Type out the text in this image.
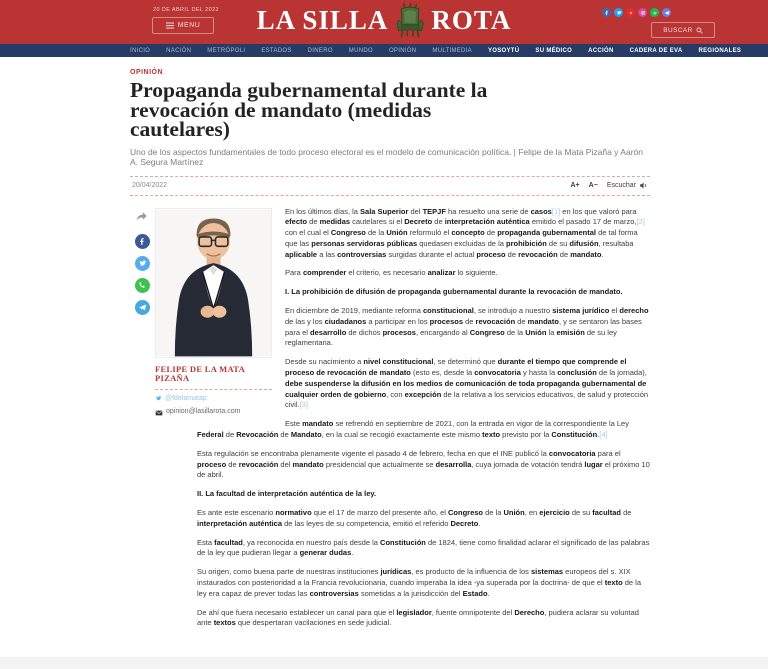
20 DE ABRIL DEL 2022
MENU LA SILLA ROTA	BUSCAR
INICIO	NACIÓN	METRÓPOLI	ESTADOS	DINERO	MUNDO	OPINIÓN	MULTIMEDIA	YOSOYTÚ	SU MÉDICO	ACCIÓN	CADERA DE EVA	REGIONALES
OPINIÓN
Propaganda gubernamental durante la revocación de mandato (medidas cautelares)

Uno de los aspectos fundamentales de todo proceso electoral es el modelo de comunicación política. | Felipe de la Mata Pizaña y Aarón A. Segura Martínez

20/04/2022	A+ A− Escuchar
FELIPE DE LA MATA PIZAÑA
@fdelamatap
opinion@lasillarota.com

En los últimos días, la Sala Superior del TEPJF ha resuelto una serie de casos[1] en los que valoró para efecto de medidas cautelares si el Decreto de interpretación auténtica emitido el pasado 17 de marzo,[2] con el cual el Congreso de la Unión reformuló el concepto de propaganda gubernamental de tal forma que las personas servidoras públicas quedasen excluidas de la prohibición de su difusión, resultaba aplicable a las controversias surgidas durante el actual proceso de revocación de mandato.

Para comprender el criterio, es necesario analizar lo siguiente.

I. La prohibición de difusión de propaganda gubernamental durante la revocación de mandato.

En diciembre de 2019, mediante reforma constitucional, se introdujo a nuestro sistema jurídico el derecho de las y los ciudadanos a participar en los procesos de revocación de mandato, y se sentaron las bases para el desarrollo de dichos procesos, encargando al Congreso de la Unión la emisión de su ley reglamentaria.

Desde su nacimiento a nivel constitucional, se determinó que durante el tiempo que comprende el proceso de revocación de mandato (esto es, desde la convocatoria y hasta la conclusión de la jornada), debe suspenderse la difusión en los medios de comunicación de toda propaganda gubernamental de cualquier orden de gobierno, con excepción de la relativa a los servicios educativos, de salud y protección civil.[3]

Este mandato se refrendó en septiembre de 2021, con la entrada en vigor de la correspondiente la Ley Federal de Revocación de Mandato, en la cual se recogió exactamente este mismo texto previsto por la Constitución.[4]

Esta regulación se encontraba plenamente vigente el pasado 4 de febrero, fecha en que el INE publicó la convocatoria para el proceso de revocación del mandato presidencial que actualmente se desarrolla, cuya jornada de votación tendrá lugar el próximo 10 de abril.

II. La facultad de interpretación auténtica de la ley.

Es ante este escenario normativo que el 17 de marzo del presente año, el Congreso de la Unión, en ejercicio de su facultad de interpretación auténtica de las leyes de su competencia, emitió el referido Decreto.

Esta facultad, ya reconocida en nuestro país desde la Constitución de 1824, tiene como finalidad aclarar el significado de las palabras de la ley que pudieran llegar a generar dudas.

Su origen, como buena parte de nuestras instituciones jurídicas, es producto de la influencia de los sistemas europeos del s. XIX instaurados con posterioridad a la Francia revolucionaria, cuando imperaba la idea -ya superada por la doctrina- de que el texto de la ley era capaz de prever todas las controversias sometidas a la jurisdicción del Estado.

De ahí que fuera necesario establecer un canal para que el legislador, fuente omnipotente del Derecho, pudiera aclarar su voluntad ante textos que despertaran vacilaciones en sede judicial.
